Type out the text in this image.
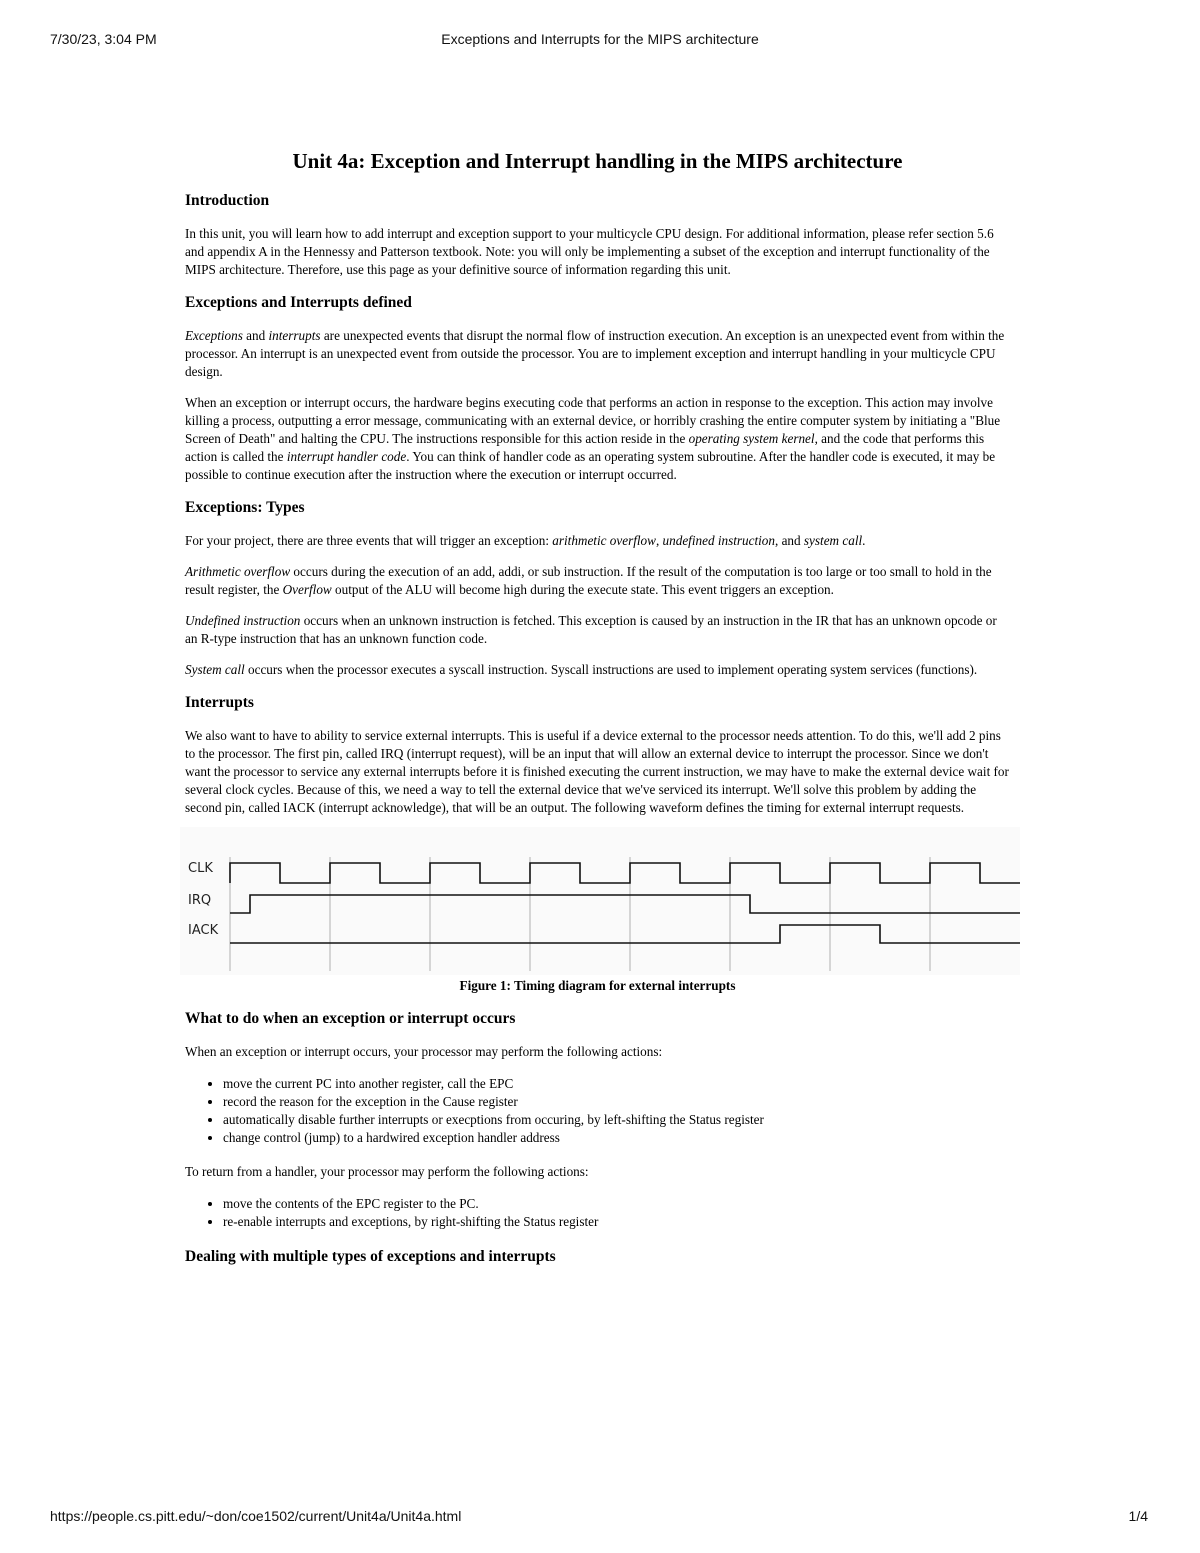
Exceptions and Interrupts for the MIPS architecture
7/30/23, 3:04 PM
Unit 4a: Exception and Interrupt handling in the MIPS architecture
Introduction

In this unit, you will learn how to add interrupt and exception support to your multicycle CPU design. For additional information, please refer section 5.6 and appendix A in the Hennessy and Patterson textbook. Note: you will only be implementing a subset of the exception and interrupt functionality of the MIPS architecture. Therefore, use this page as your definitive source of information regarding this unit.

Exceptions and Interrupts defined

Exceptions and interrupts are unexpected events that disrupt the normal flow of instruction execution. An exception is an unexpected event from within the processor. An interrupt is an unexpected event from outside the processor. You are to implement exception and interrupt handling in your multicycle CPU design.

When an exception or interrupt occurs, the hardware begins executing code that performs an action in response to the exception. This action may involve killing a process, outputting a error message, communicating with an external device, or horribly crashing the entire computer system by initiating a "Blue Screen of Death" and halting the CPU. The instructions responsible for this action reside in the operating system kernel, and the code that performs this action is called the interrupt handler code. You can think of handler code as an operating system subroutine. After the handler code is executed, it may be possible to continue execution after the instruction where the execution or interrupt occurred.

Exceptions: Types

For your project, there are three events that will trigger an exception: arithmetic overflow, undefined instruction, and system call.

Arithmetic overflow occurs during the execution of an add, addi, or sub instruction. If the result of the computation is too large or too small to hold in the result register, the Overflow output of the ALU will become high during the execute state. This event triggers an exception.

Undefined instruction occurs when an unknown instruction is fetched. This exception is caused by an instruction in the IR that has an unknown opcode or an R-type instruction that has an unknown function code.

System call occurs when the processor executes a syscall instruction. Syscall instructions are used to implement operating system services (functions).

Interrupts

We also want to have to ability to service external interrupts. This is useful if a device external to the processor needs attention. To do this, we'll add 2 pins to the processor. The first pin, called IRQ (interrupt request), will be an input that will allow an external device to interrupt the processor. Since we don't want the processor to service any external interrupts before it is finished executing the current instruction, we may have to make the external device wait for several clock cycles. Because of this, we need a way to tell the external device that we've serviced its interrupt. We'll solve this problem by adding the second pin, called IACK (interrupt acknowledge), that will be an output. The following waveform defines the timing for external interrupt requests.

CLK
IRQ
IACK
Figure 1: Timing diagram for external interrupts
What to do when an exception or interrupt occurs

When an exception or interrupt occurs, your processor may perform the following actions:

• move the current PC into another register, call the EPC
• record the reason for the exception in the Cause register
• automatically disable further interrupts or execptions from occuring, by left-shifting the Status register
• change control (jump) to a hardwired exception handler address

To return from a handler, your processor may perform the following actions:

• move the contents of the EPC register to the PC.
• re-enable interrupts and exceptions, by right-shifting the Status register
Dealing with multiple types of exceptions and interrupts
https://people.cs.pitt.edu/~don/coe1502/current/Unit4a/Unit4a.html	1/4
